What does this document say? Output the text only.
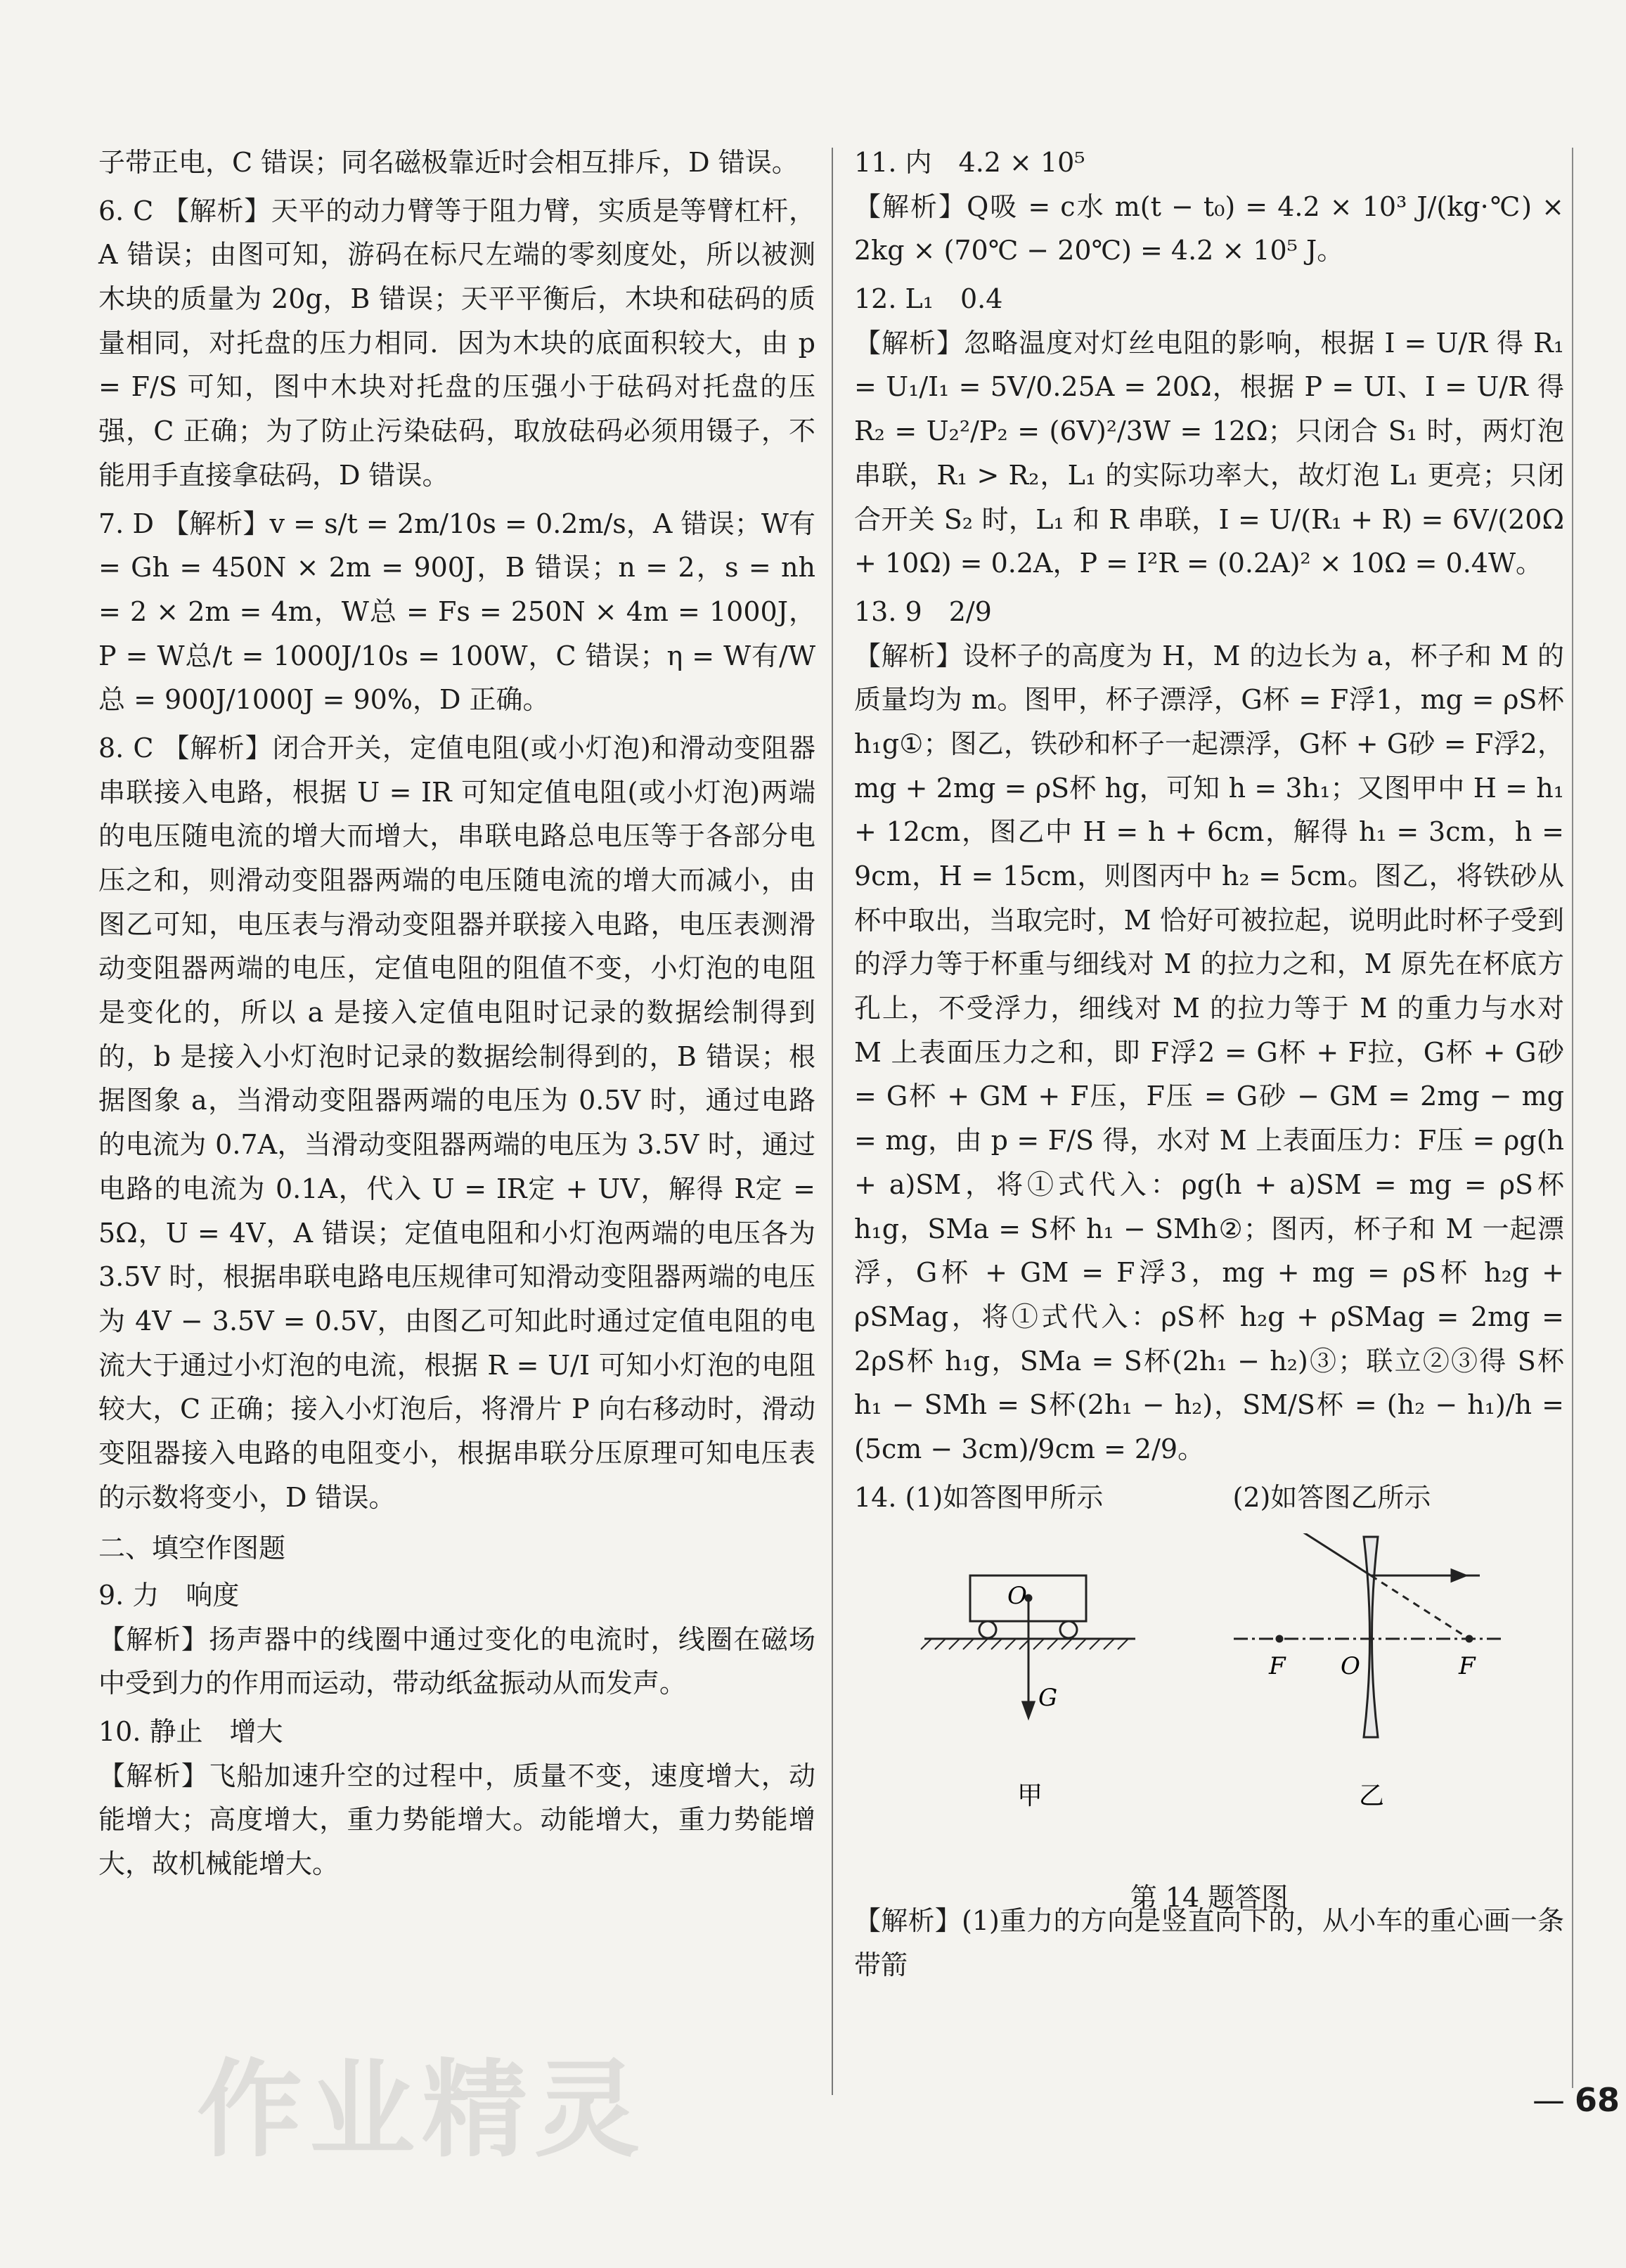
子带正电，C 错误；同名磁极靠近时会相互排斥，D 错误。

6. C 【解析】天平的动力臂等于阻力臂，实质是等臂杠杆，A 错误；由图可知，游码在标尺左端的零刻度处，所以被测木块的质量为 20g，B 错误；天平平衡后，木块和砝码的质量相同，对托盘的压力相同．因为木块的底面积较大，由 p = F/S 可知，图中木块对托盘的压强小于砝码对托盘的压强，C 正确；为了防止污染砝码，取放砝码必须用镊子，不能用手直接拿砝码，D 错误。

7. D 【解析】v = s/t = 2m/10s = 0.2m/s，A 错误；W有 = Gh = 450N × 2m = 900J，B 错误；n = 2，s = nh = 2 × 2m = 4m，W总 = Fs = 250N × 4m = 1000J，P = W总/t = 1000J/10s = 100W，C 错误；η = W有/W总 = 900J/1000J = 90%，D 正确。

8. C 【解析】闭合开关，定值电阻(或小灯泡)和滑动变阻器串联接入电路，根据 U = IR 可知定值电阻(或小灯泡)两端的电压随电流的增大而增大，串联电路总电压等于各部分电压之和，则滑动变阻器两端的电压随电流的增大而减小，由图乙可知，电压表与滑动变阻器并联接入电路，电压表测滑动变阻器两端的电压，定值电阻的阻值不变，小灯泡的电阻是变化的，所以 a 是接入定值电阻时记录的数据绘制得到的，b 是接入小灯泡时记录的数据绘制得到的，B 错误；根据图象 a，当滑动变阻器两端的电压为 0.5V 时，通过电路的电流为 0.7A，当滑动变阻器两端的电压为 3.5V 时，通过电路的电流为 0.1A，代入 U = IR定 + UV，解得 R定 = 5Ω，U = 4V，A 错误；定值电阻和小灯泡两端的电压各为 3.5V 时，根据串联电路电压规律可知滑动变阻器两端的电压为 4V − 3.5V = 0.5V，由图乙可知此时通过定值电阻的电流大于通过小灯泡的电流，根据 R = U/I 可知小灯泡的电阻较大，C 正确；接入小灯泡后，将滑片 P 向右移动时，滑动变阻器接入电路的电阻变小，根据串联分压原理可知电压表的示数将变小，D 错误。

二、填空作图题

9. 力　响度

【解析】扬声器中的线圈中通过变化的电流时，线圈在磁场中受到力的作用而运动，带动纸盆振动从而发声。

10. 静止　增大

【解析】飞船加速升空的过程中，质量不变，速度增大，动能增大；高度增大，重力势能增大。动能增大，重力势能增大，故机械能增大。

11. 内　4.2 × 10⁵

【解析】Q吸 = c水 m(t − t₀) = 4.2 × 10³ J/(kg·℃) × 2kg × (70℃ − 20℃) = 4.2 × 10⁵ J。

12. L₁　0.4

【解析】忽略温度对灯丝电阻的影响，根据 I = U/R 得 R₁ = U₁/I₁ = 5V/0.25A = 20Ω，根据 P = UI、I = U/R 得 R₂ = U₂²/P₂ = (6V)²/3W = 12Ω；只闭合 S₁ 时，两灯泡串联，R₁ > R₂，L₁ 的实际功率大，故灯泡 L₁ 更亮；只闭合开关 S₂ 时，L₁ 和 R 串联，I = U/(R₁ + R) = 6V/(20Ω + 10Ω) = 0.2A，P = I²R = (0.2A)² × 10Ω = 0.4W。

13. 9　2/9

【解析】设杯子的高度为 H，M 的边长为 a，杯子和 M 的质量均为 m。图甲，杯子漂浮，G杯 = F浮1，mg = ρS杯 h₁g①；图乙，铁砂和杯子一起漂浮，G杯 + G砂 = F浮2，mg + 2mg = ρS杯 hg，可知 h = 3h₁；又图甲中 H = h₁ + 12cm，图乙中 H = h + 6cm，解得 h₁ = 3cm，h = 9cm，H = 15cm，则图丙中 h₂ = 5cm。图乙，将铁砂从杯中取出，当取完时，M 恰好可被拉起，说明此时杯子受到的浮力等于杯重与细线对 M 的拉力之和，M 原先在杯底方孔上，不受浮力，细线对 M 的拉力等于 M 的重力与水对 M 上表面压力之和，即 F浮2 = G杯 + F拉，G杯 + G砂 = G杯 + GM + F压，F压 = G砂 − GM = 2mg − mg = mg，由 p = F/S 得，水对 M 上表面压力：F压 = ρg(h + a)SM，将①式代入：ρg(h + a)SM = mg = ρS杯 h₁g，SMa = S杯 h₁ − SMh②；图丙，杯子和 M 一起漂浮，G杯 + GM = F浮3，mg + mg = ρS杯 h₂g + ρSMag，将①式代入：ρS杯 h₂g + ρSMag = 2mg = 2ρS杯 h₁g，SMa = S杯(2h₁ − h₂)③；联立②③得 S杯 h₁ − SMh = S杯(2h₁ − h₂)，SM/S杯 = (h₂ − h₁)/h = (5cm − 3cm)/9cm = 2/9。

14. (1)如答图甲所示	(2)如答图乙所示

O
G
甲
F O	F
乙
第 14 题答图

【解析】(1)重力的方向是竖直向下的，从小车的重心画一条带箭

作业精灵	— 68
